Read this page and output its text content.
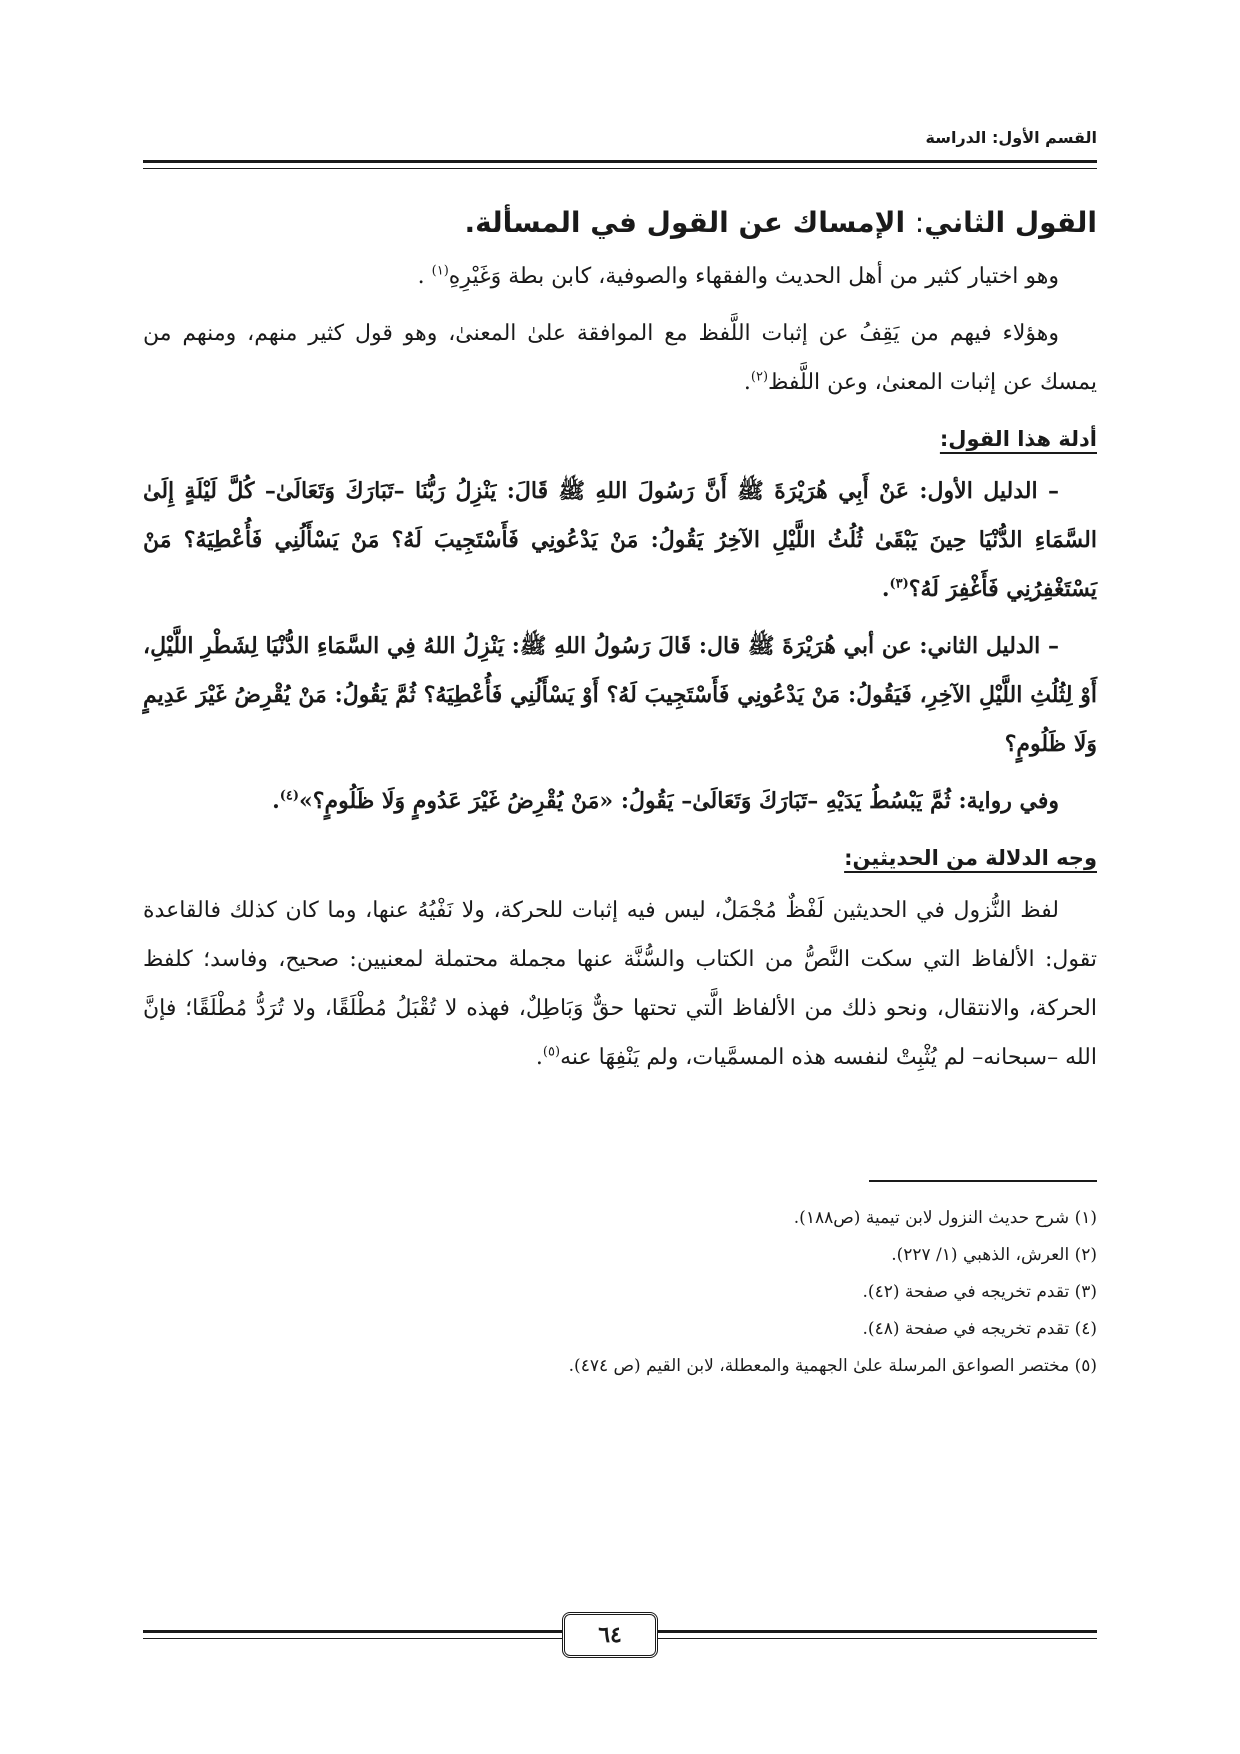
القسم الأول: الدراسة
القول الثاني: الإمساك عن القول في المسألة.

وهو اختيار كثير من أهل الحديث والفقهاء والصوفية، كابن بطة وَغَيْرِهِ$^{(١)}$ .

وهؤلاء فيهم من يَقِفُ عن إثبات اللَّفظ مع الموافقة علىٰ المعنىٰ، وهو قول كثير منهم، ومنهم من يمسك عن إثبات المعنىٰ، وعن اللَّفظ$^{(٢)}$.

أدلة هذا القول:

– الدليل الأول: عَنْ أَبِي هُرَيْرَةَ ﷺ أَنَّ رَسُولَ اللهِ ﷺ قَالَ: يَنْزِلُ رَبُّنَا –تَبَارَكَ وَتَعَالَىٰ– كُلَّ لَيْلَةٍ إِلَىٰ السَّمَاءِ الدُّنْيَا حِينَ يَبْقَىٰ ثُلُثُ اللَّيْلِ الآخِرُ يَقُولُ: مَنْ يَدْعُونِي فَأَسْتَجِيبَ لَهُ؟ مَنْ يَسْأَلُنِي فَأُعْطِيَهُ؟ مَنْ يَسْتَغْفِرُنِي فَأَغْفِرَ لَهُ؟$^{(٣)}$.

– الدليل الثاني: عن أبي هُرَيْرَةَ ﷺ قال: قَالَ رَسُولُ اللهِ ﷺ: يَنْزِلُ اللهُ فِي السَّمَاءِ الدُّنْيَا لِشَطْرِ اللَّيْلِ، أَوْ لِثُلُثِ اللَّيْلِ الآخِرِ، فَيَقُولُ: مَنْ يَدْعُونِي فَأَسْتَجِيبَ لَهُ؟ أَوْ يَسْأَلُنِي فَأُعْطِيَهُ؟ ثُمَّ يَقُولُ: مَنْ يُقْرِضُ غَيْرَ عَدِيمٍ وَلَا ظَلُومٍ؟

وفي رواية: ثُمَّ يَبْسُطُ يَدَيْهِ –تَبَارَكَ وَتَعَالَىٰ– يَقُولُ: «مَنْ يُقْرِضُ غَيْرَ عَدُومٍ وَلَا ظَلُومٍ؟»$^{(٤)}$.

وجه الدلالة من الحديثين:

لفظ النُّزول في الحديثين لَفْظٌ مُجْمَلٌ، ليس فيه إثبات للحركة، ولا نَفْيُهُ عنها، وما كان كذلك فالقاعدة تقول: الألفاظ التي سكت النَّصُّ من الكتاب والسُّنَّة عنها مجملة محتملة لمعنيين: صحيح، وفاسد؛ كلفظ الحركة، والانتقال، ونحو ذلك من الألفاظ الَّتي تحتها حقٌّ وَبَاطِلٌ، فهذه لا تُقْبَلُ مُطْلَقًا، ولا تُرَدُّ مُطْلَقًا؛ فإنَّ الله –سبحانه– لم يُثْبِتْ لنفسه هذه المسمَّيات، ولم يَنْفِهَا عنه$^{(٥)}$.

(١) شرح حديث النزول لابن تيمية (ص١٨٨).
(٢) العرش، الذهبي (١/ ٢٢٧).
(٣) تقدم تخريجه في صفحة (٤٢).
(٤) تقدم تخريجه في صفحة (٤٨).
(٥) مختصر الصواعق المرسلة علىٰ الجهمية والمعطلة، لابن القيم (ص ٤٧٤).
٦٤
